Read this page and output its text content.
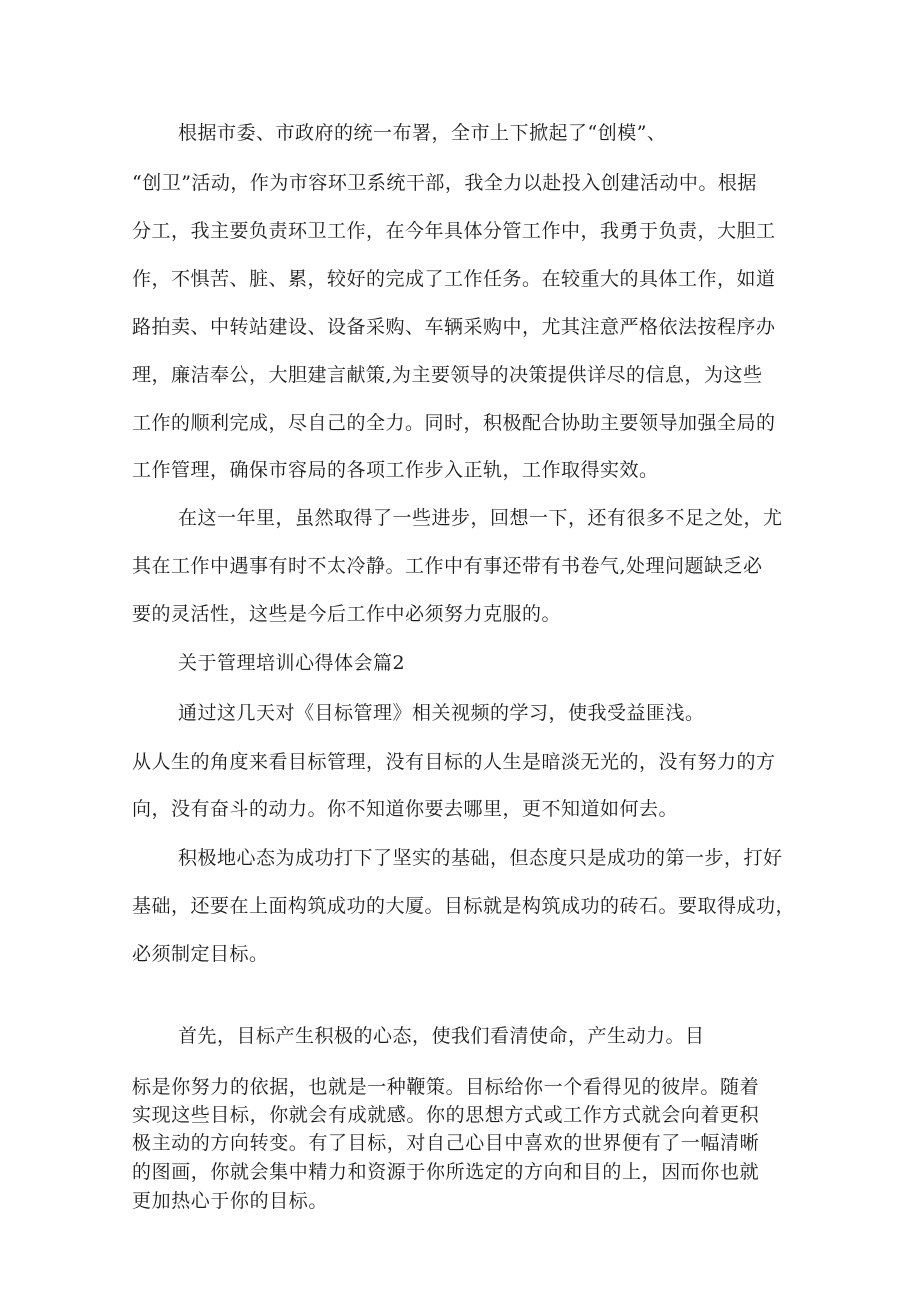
根据市委、市政府的统一布署，全市上下掀起了“创模”、
“创卫”活动，作为市容环卫系统干部，我全力以赴投入创建活动中。根据
分工，我主要负责环卫工作，在今年具体分管工作中，我勇于负责，大胆工
作，不惧苦、脏、累，较好的完成了工作任务。在较重大的具体工作，如道
路拍卖、中转站建设、设备采购、车辆采购中，尤其注意严格依法按程序办
理，廉洁奉公，大胆建言献策,为主要领导的决策提供详尽的信息，为这些
工作的顺利完成，尽自己的全力。同时，积极配合协助主要领导加强全局的
工作管理，确保市容局的各项工作步入正轨，工作取得实效。
在这一年里，虽然取得了一些进步，回想一下，还有很多不足之处，尤
其在工作中遇事有时不太冷静。工作中有事还带有书卷气,处理问题缺乏必
要的灵活性，这些是今后工作中必须努力克服的。
关于管理培训心得体会篇2
通过这几天对《目标管理》相关视频的学习，使我受益匪浅。
从人生的角度来看目标管理，没有目标的人生是暗淡无光的，没有努力的方
向，没有奋斗的动力。你不知道你要去哪里，更不知道如何去。
积极地心态为成功打下了坚实的基础，但态度只是成功的第一步，打好
基础，还要在上面构筑成功的大厦。目标就是构筑成功的砖石。要取得成功，
必须制定目标。
首先，目标产生积极的心态，使我们看清使命，产生动力。目
标是你努力的依据，也就是一种鞭策。目标给你一个看得见的彼岸。随着
实现这些目标，你就会有成就感。你的思想方式或工作方式就会向着更积
极主动的方向转变。有了目标，对自己心目中喜欢的世界便有了一幅清晰
的图画，你就会集中精力和资源于你所选定的方向和目的上，因而你也就
更加热心于你的目标。
